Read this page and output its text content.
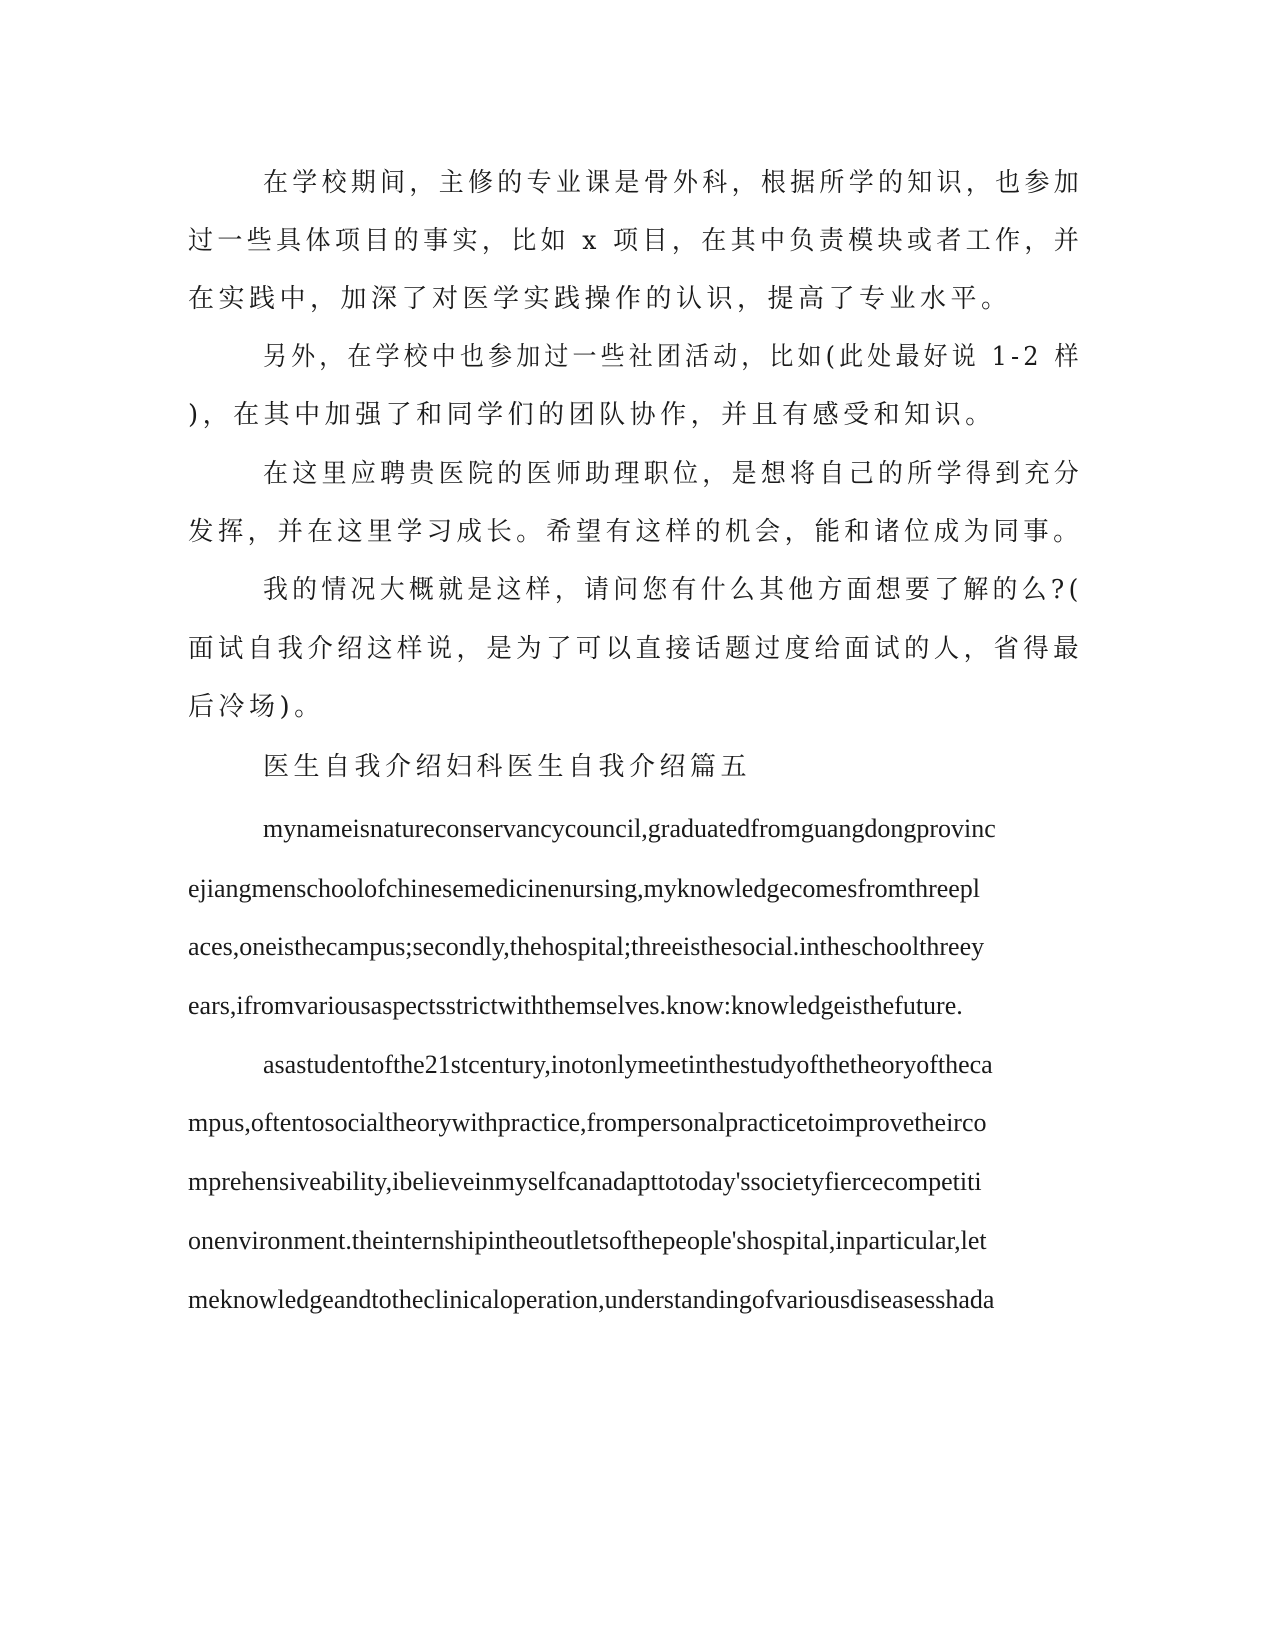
在学校期间，主修的专业课是骨外科，根据所学的知识，也参加
过一些具体项目的事实，比如 x 项目，在其中负责模块或者工作，并
在实践中，加深了对医学实践操作的认识，提高了专业水平。
另外，在学校中也参加过一些社团活动，比如(此处最好说 1-2 样
)，在其中加强了和同学们的团队协作，并且有感受和知识。
在这里应聘贵医院的医师助理职位，是想将自己的所学得到充分
发挥，并在这里学习成长。希望有这样的机会，能和诸位成为同事。
我的情况大概就是这样，请问您有什么其他方面想要了解的么?(
面试自我介绍这样说，是为了可以直接话题过度给面试的人，省得最
后冷场)。
医生自我介绍妇科医生自我介绍篇五
mynameisnatureconservancycouncil,graduatedfromguangdongprovinc
ejiangmenschoolofchinesemedicinenursing,myknowledgecomesfromthreepl
aces,oneisthecampus;secondly,thehospital;threeisthesocial.intheschoolthreey
ears,ifromvariousaspectsstrictwiththemselves.know:knowledgeisthefuture.
asastudentofthe21stcentury,inotonlymeetinthestudyofthetheoryoftheca
mpus,oftentosocialtheorywithpractice,frompersonalpracticetoimprovetheirco
mprehensiveability,ibelieveinmyselfcanadapttotoday'ssocietyfiercecompetiti
onenvironment.theinternshipintheoutletsofthepeople'shospital,inparticular,let
meknowledgeandtotheclinicaloperation,understandingofvariousdiseasesshada
